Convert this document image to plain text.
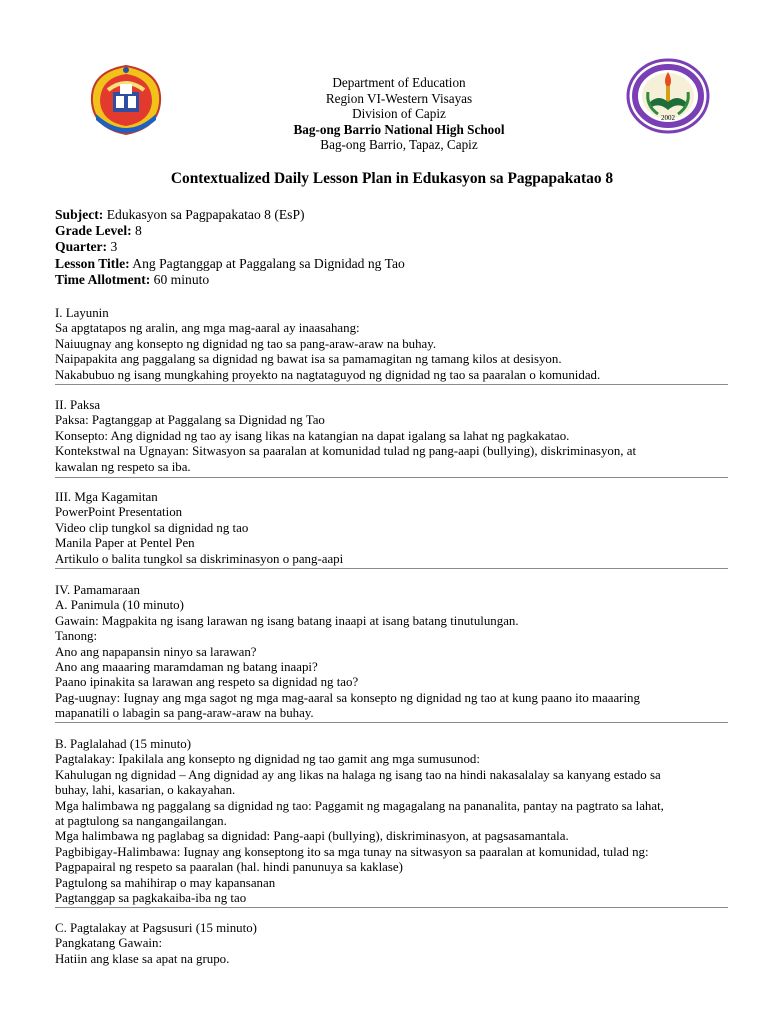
Department of Education
Region VI-Western Visayas
Division of Capiz
Bag-ong Barrio National High School
Bag-ong Barrio, Tapaz, Capiz
2002
Contextualized Daily Lesson Plan in Edukasyon sa Pagpapakatao 8
Subject: Edukasyon sa Pagpapakatao 8 (EsP)
Grade Level: 8
Quarter: 3
Lesson Title: Ang Pagtanggap at Paggalang sa Dignidad ng Tao
Time Allotment: 60 minuto
I. Layunin
Sa apgtatapos ng aralin, ang mga mag-aaral ay inaasahang:
Naiuugnay ang konsepto ng dignidad ng tao sa pang-araw-araw na buhay.
Naipapakita ang paggalang sa dignidad ng bawat isa sa pamamagitan ng tamang kilos at desisyon.
Nakabubuo ng isang mungkahing proyekto na nagtataguyod ng dignidad ng tao sa paaralan o komunidad.
II. Paksa
Paksa: Pagtanggap at Paggalang sa Dignidad ng Tao
Konsepto: Ang dignidad ng tao ay isang likas na katangian na dapat igalang sa lahat ng pagkakatao.
Kontekstwal na Ugnayan: Sitwasyon sa paaralan at komunidad tulad ng pang-aapi (bullying), diskriminasyon, at
kawalan ng respeto sa iba.
III. Mga Kagamitan
PowerPoint Presentation
Video clip tungkol sa dignidad ng tao
Manila Paper at Pentel Pen
Artikulo o balita tungkol sa diskriminasyon o pang-aapi
IV. Pamamaraan
A. Panimula (10 minuto)
Gawain: Magpakita ng isang larawan ng isang batang inaapi at isang batang tinutulungan.
Tanong:
Ano ang napapansin ninyo sa larawan?
Ano ang maaaring maramdaman ng batang inaapi?
Paano ipinakita sa larawan ang respeto sa dignidad ng tao?
Pag-uugnay: Iugnay ang mga sagot ng mga mag-aaral sa konsepto ng dignidad ng tao at kung paano ito maaaring
mapanatili o labagin sa pang-araw-araw na buhay.
B. Paglalahad (15 minuto)
Pagtalakay: Ipakilala ang konsepto ng dignidad ng tao gamit ang mga sumusunod:
Kahulugan ng dignidad – Ang dignidad ay ang likas na halaga ng isang tao na hindi nakasalalay sa kanyang estado sa
buhay, lahi, kasarian, o kakayahan.
Mga halimbawa ng paggalang sa dignidad ng tao: Paggamit ng magagalang na pananalita, pantay na pagtrato sa lahat,
at pagtulong sa nangangailangan.
Mga halimbawa ng paglabag sa dignidad: Pang-aapi (bullying), diskriminasyon, at pagsasamantala.
Pagbibigay-Halimbawa: Iugnay ang konseptong ito sa mga tunay na sitwasyon sa paaralan at komunidad, tulad ng:
Pagpapairal ng respeto sa paaralan (hal. hindi panunuya sa kaklase)
Pagtulong sa mahihirap o may kapansanan
Pagtanggap sa pagkakaiba-iba ng tao
C. Pagtalakay at Pagsusuri (15 minuto)
Pangkatang Gawain:
Hatiin ang klase sa apat na grupo.
